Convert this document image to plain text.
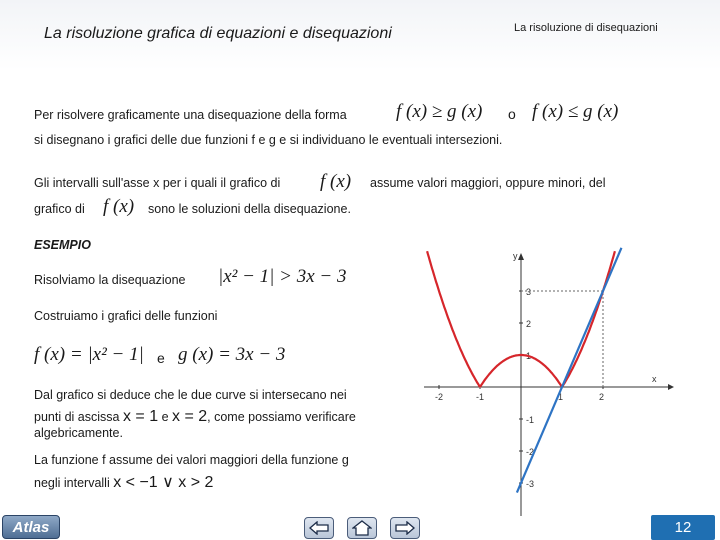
La risoluzione grafica di equazioni e disequazioni	La risoluzione di disequazioni
Per risolvere graficamente una disequazione della forma	f (x) ≥ g (x) o f (x) ≤ g (x)
si disegnano i grafici delle due funzioni f e g e si individuano le eventuali intersezioni.
Gli intervalli sull'asse x per i quali il grafico di f (x) assume valori maggiori, oppure minori, del
grafico di f (x) sono le soluzioni della disequazione.
ESEMPIO
Risolviamo la disequazione |x² − 1| > 3x − 3
Costruiamo i grafici delle funzioni
f (x) = |x² − 1| e g (x) = 3x − 3
Dal grafico si deduce che le due curve si intersecano nei
punti di ascissa x = 1 e x = 2, come possiamo verificare
algebricamente.
La funzione f assume dei valori maggiori della funzione g
negli intervalli x < −1 ∨ x > 2
y
x
-2	-1	1	2
3
2
1
-1
-2
-3
Atlas	12
